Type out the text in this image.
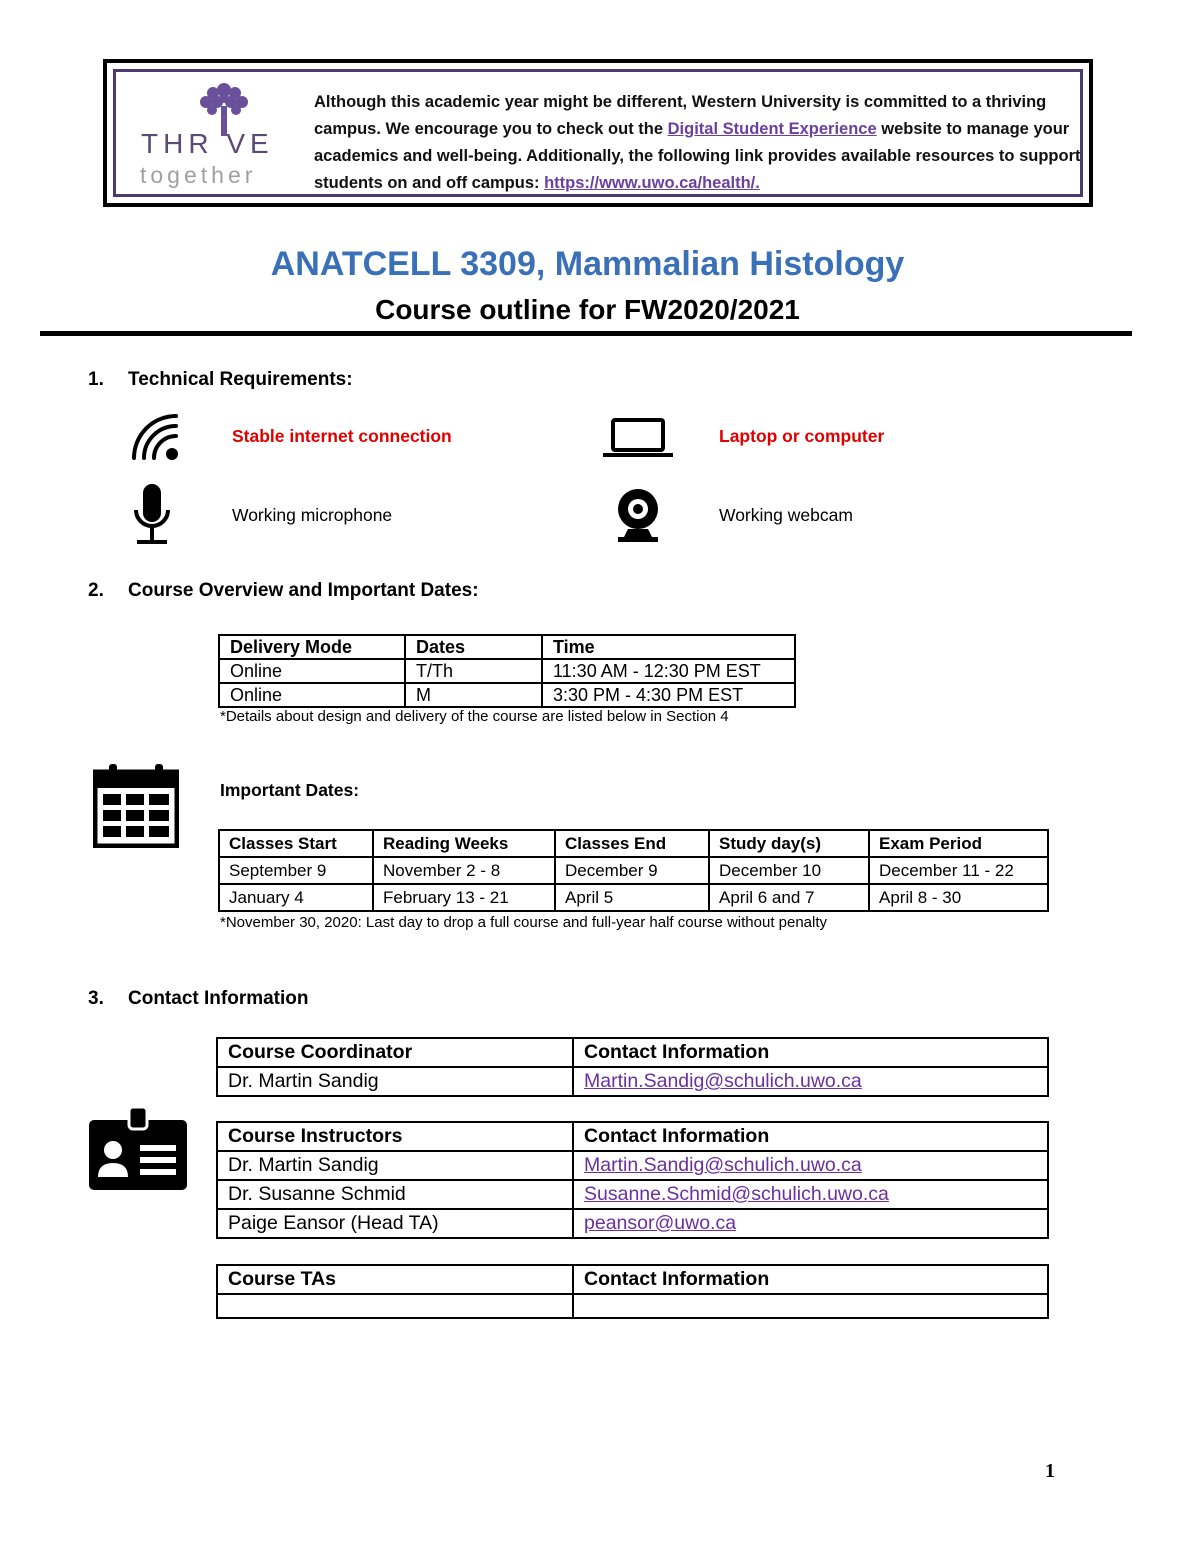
THR VE
together
Although this academic year might be different, Western University is committed to a thriving campus. We encourage you to check out the Digital Student Experience website to manage your academics and well-being. Additionally, the following link provides available resources to support students on and off campus: https://www.uwo.ca/health/.
ANATCELL 3309, Mammalian Histology
Course outline for FW2020/2021
1. Technical Requirements:
Stable internet connection	Laptop or computer
Working microphone	Working webcam
2. Course Overview and Important Dates:
Delivery Mode	Dates	Time
Online	T/Th	11:30 AM - 12:30 PM EST
Online	M	3:30 PM - 4:30 PM EST
*Details about design and delivery of the course are listed below in Section 4
Important Dates:
Classes Start	Reading Weeks	Classes End	Study day(s)	Exam Period
September 9	November 2 - 8	December 9	December 10	December 11 - 22
January 4	February 13 - 21	April 5	April 6 and 7	April 8 - 30
*November 30, 2020: Last day to drop a full course and full-year half course without penalty
3. Contact Information
Course Coordinator	Contact Information
Dr. Martin Sandig	Martin.Sandig@schulich.uwo.ca
Course Instructors	Contact Information
Dr. Martin Sandig	Martin.Sandig@schulich.uwo.ca
Dr. Susanne Schmid	Susanne.Schmid@schulich.uwo.ca
Paige Eansor (Head TA)	peansor@uwo.ca
Course TAs	Contact Information

1
